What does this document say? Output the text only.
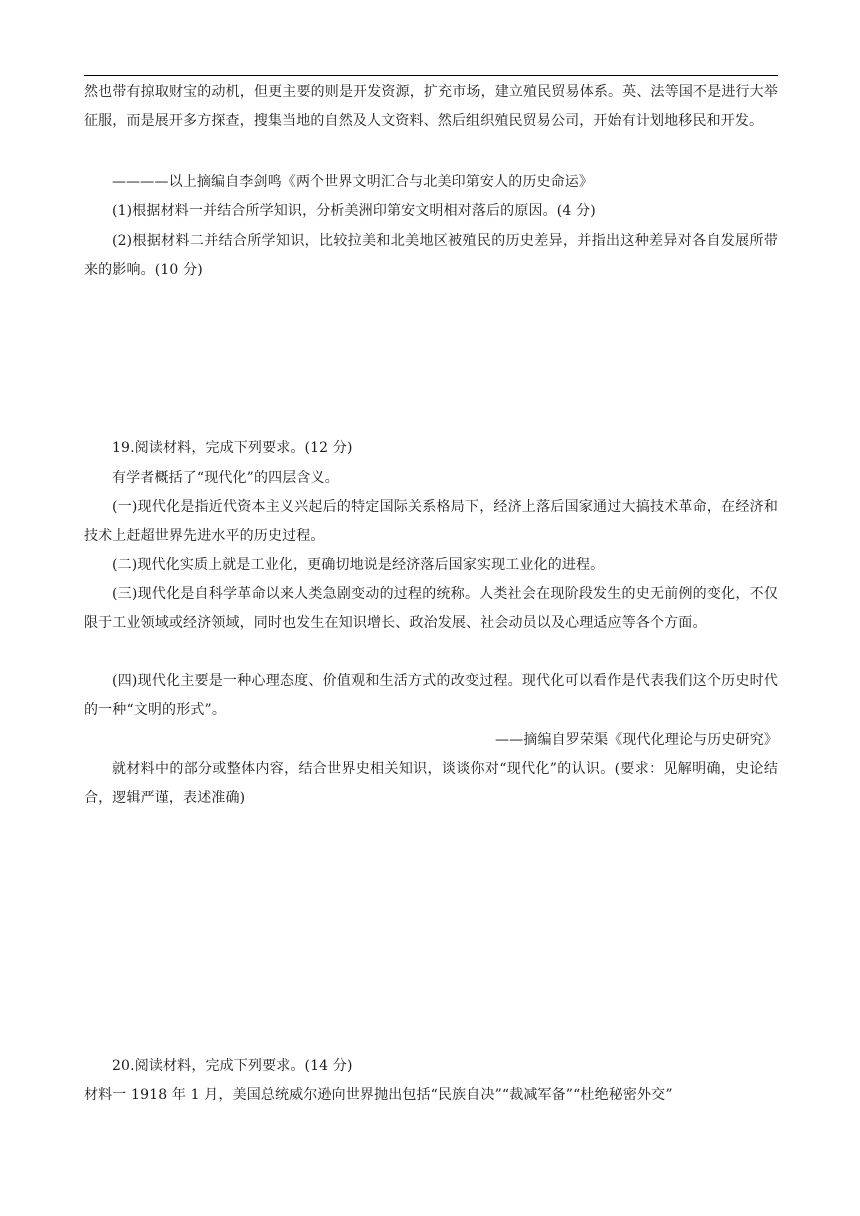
然也带有掠取财宝的动机，但更主要的则是开发资源，扩充市场，建立殖民贸易体系。英、法等国不是进行大举征服，而是展开多方探查，搜集当地的自然及人文资料、然后组织殖民贸易公司，开始有计划地移民和开发。

————以上摘编自李剑鸣《两个世界文明汇合与北美印第安人的历史命运》

(1)根据材料一并结合所学知识，分析美洲印第安文明相对落后的原因。(4 分)

(2)根据材料二并结合所学知识，比较拉美和北美地区被殖民的历史差异，并指出这种差异对各自发展所带来的影响。(10 分)

19.阅读材料，完成下列要求。(12 分)

有学者概括了“现代化”的四层含义。

(一)现代化是指近代资本主义兴起后的特定国际关系格局下，经济上落后国家通过大搞技术革命，在经济和技术上赶超世界先进水平的历史过程。

(二)现代化实质上就是工业化，更确切地说是经济落后国家实现工业化的进程。

(三)现代化是自科学革命以来人类急剧变动的过程的统称。人类社会在现阶段发生的史无前例的变化，不仅限于工业领域或经济领域，同时也发生在知识增长、政治发展、社会动员以及心理适应等各个方面。

(四)现代化主要是一种心理态度、价值观和生活方式的改变过程。现代化可以看作是代表我们这个历史时代的一种“文明的形式”。

——摘编自罗荣渠《现代化理论与历史研究》

就材料中的部分或整体内容，结合世界史相关知识，谈谈你对“现代化”的认识。(要求：见解明确，史论结合，逻辑严谨，表述准确)

20.阅读材料，完成下列要求。(14 分)

材料一 1918 年 1 月，美国总统威尔逊向世界抛出包括“民族自决”“裁减军备”“杜绝秘密外交”
